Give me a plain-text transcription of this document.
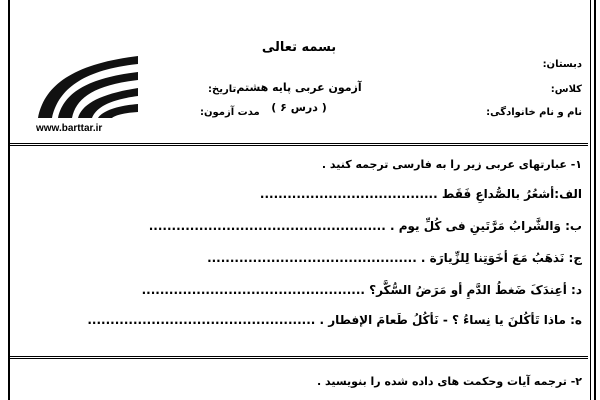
بسمه تعالی
آزمون عربی پایه هشتم
( درس ۶ )
دبستان:
کلاس:
نام و نام خانوادگی:
تاریخ:
مدت آزمون:
www.barttar.ir
۱- عبارتهای عربی زیر را به فارسی ترجمه کنید .
الف:أشعُرُ بالصُّداعِ فَقَط .......................................
ب: وَالشَّرابُ مَرَّتَینِ فی کُلِّ یوم . ....................................................
ج: نَذهَبُ مَعَ أخَوَتِنا لِلزِّیارَة . ..............................................
د: أعِندَکَ ضَغطُ الدَّمِ أو مَرَضُ السُّکَّر؟ .................................................
ه: ماذا تَأکُلنَ یا نِساءُ ؟ - نَأکُلُ طَعامَ الإفطار . ..................................................
۲- ترجمه آیات وحکمت های داده شده را بنویسید .
